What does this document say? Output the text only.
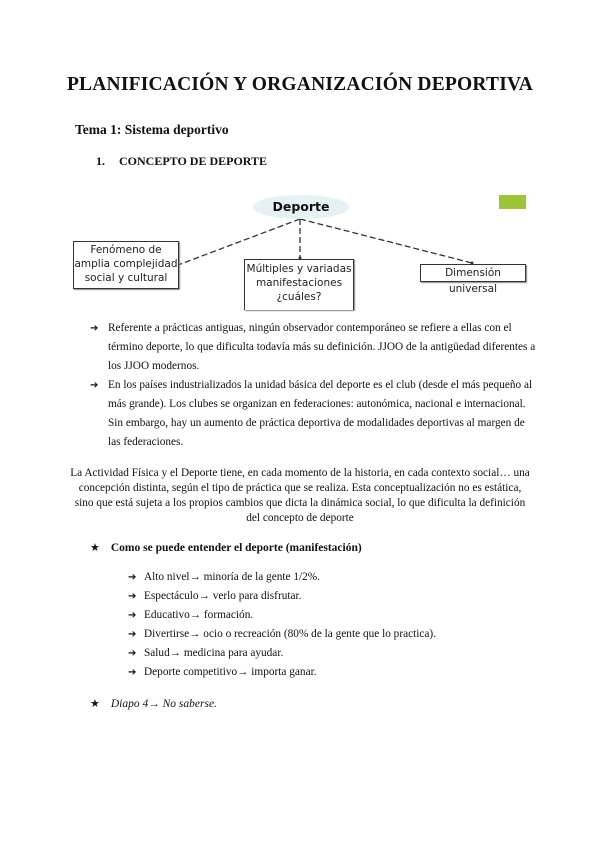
PLANIFICACIÓN Y ORGANIZACIÓN DEPORTIVA
Tema 1: Sistema deportivo
1. CONCEPTO DE DEPORTE
Deporte
Fenómeno de
amplia complejidad
social y cultural
Múltiples y variadas
manifestaciones
¿cuáles?
Dimensión universal
➔ Referente a prácticas antiguas, ningún observador contemporáneo se refiere a ellas con el término deporte, lo que dificulta todavía más su definición. JJOO de la antigüedad diferentes a los JJOO modernos.
➔ En los países industrializados la unidad básica del deporte es el club (desde el más pequeño al más grande). Los clubes se organizan en federaciones: autonómica, nacional e internacional. Sin embargo, hay un aumento de práctica deportiva de modalidades deportivas al margen de las federaciones.
La Actividad Física y el Deporte tiene, en cada momento de la historia, en cada contexto social… una
concepción distinta, según el tipo de práctica que se realiza. Esta conceptualización no es estática,
sino que está sujeta a los propios cambios que dicta la dinámica social, lo que dificulta la definición
del concepto de deporte
★ Como se puede entender el deporte (manifestación)
➔ Alto nivel→ minoría de la gente 1/2%.
➔ Espectáculo→ verlo para disfrutar.
➔ Educativo→ formación.
➔ Divertirse→ ocio o recreación (80% de la gente que lo practica).
➔ Salud→ medicina para ayudar.
➔ Deporte competitivo→ importa ganar.
★ Diapo 4→ No saberse.
